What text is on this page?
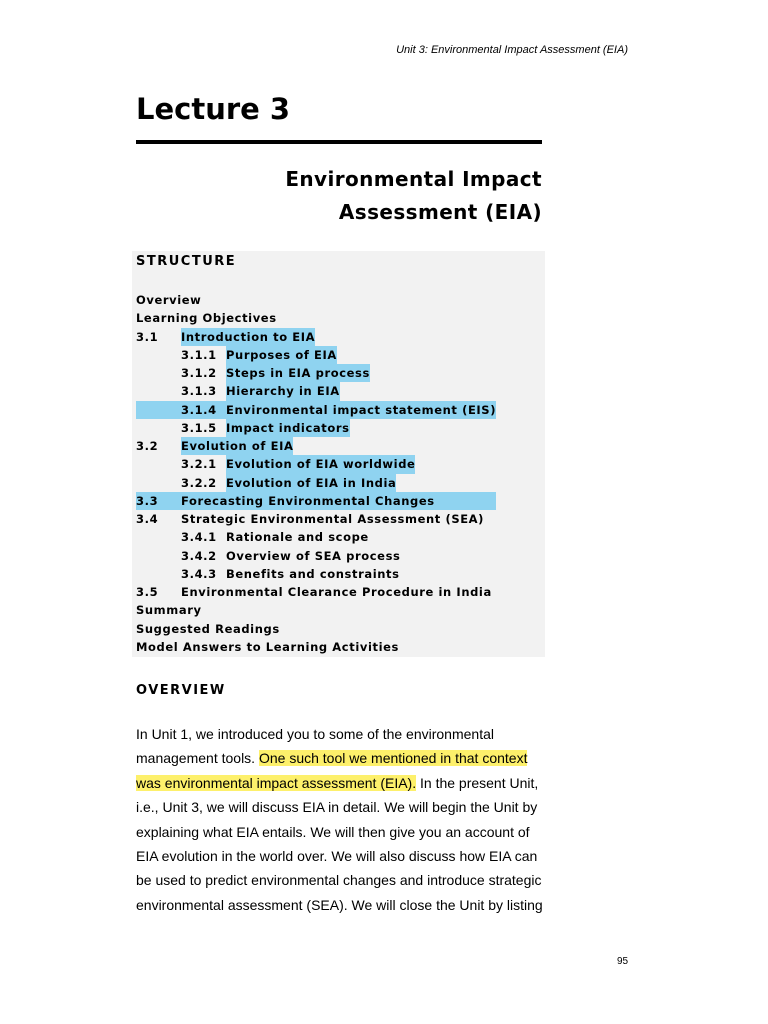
Unit 3: Environmental Impact Assessment (EIA)
Lecture 3
Environmental Impact
Assessment (EIA)
STRUCTURE
Overview
Learning Objectives
3.1 Introduction to EIA
3.1.1 Purposes of EIA
3.1.2 Steps in EIA process
3.1.3 Hierarchy in EIA
3.1.4 Environmental impact statement (EIS)
3.1.5 Impact indicators
3.2 Evolution of EIA
3.2.1 Evolution of EIA worldwide
3.2.2 Evolution of EIA in India
3.3 Forecasting Environmental Changes
3.4 Strategic Environmental Assessment (SEA)
3.4.1 Rationale and scope
3.4.2 Overview of SEA process
3.4.3 Benefits and constraints
3.5 Environmental Clearance Procedure in India
Summary
Suggested Readings
Model Answers to Learning Activities
OVERVIEW

In Unit 1, we introduced you to some of the environmental
management tools. One such tool we mentioned in that context
was environmental impact assessment (EIA). In the present Unit,
i.e., Unit 3, we will discuss EIA in detail. We will begin the Unit by
explaining what EIA entails. We will then give you an account of
EIA evolution in the world over. We will also discuss how EIA can
be used to predict environmental changes and introduce strategic
environmental assessment (SEA). We will close the Unit by listing

95
